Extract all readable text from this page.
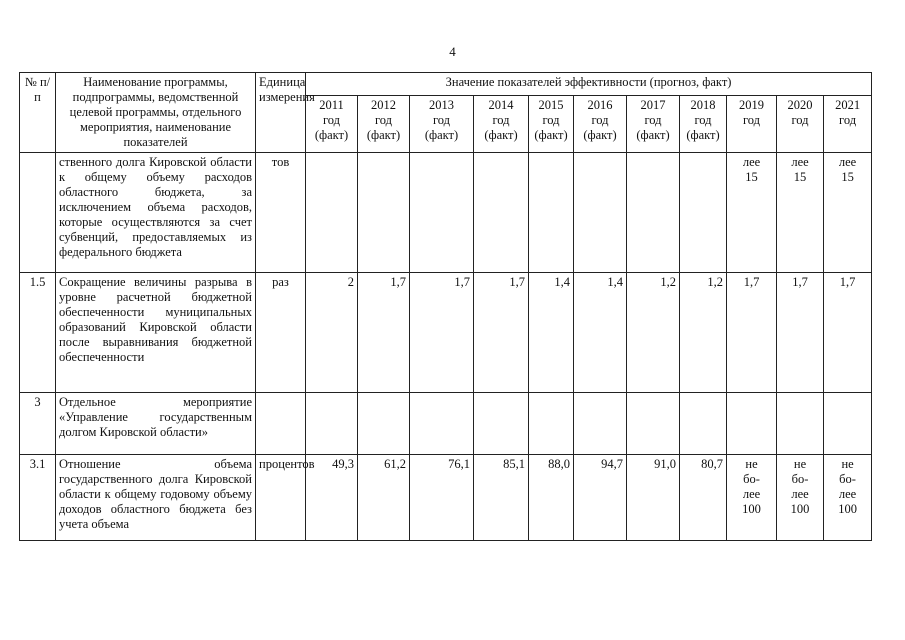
4
№ п/п	Наименование программы, подпрограммы, ведомственной целевой программы, отдельного мероприятия, наименование показателей	Единица измерения	Значение показателей эффективности (прогноз, факт)										

			2011
год
(факт)	2012
год
(факт)	2013
год
(факт)	2014
год
(факт)	2015
год
(факт)	2016
год
(факт)	2017
год
(факт)	2018
год
(факт)	2019
год	2020
год	2021
год

	ственного долга Кировской области к общему объему расходов областного бюджета, за исключением объема расходов, которые осуществляются за счет субвенций, предоставляемых из федерального бюджета	тов									лее
15	лее
15	лее
15

1.5	Сокращение величины разрыва в уровне расчетной бюджетной обеспеченности муниципальных образований Кировской области после выравнивания бюджетной обеспеченности	раз	2	1,7	1,7	1,7	1,4	1,4	1,2	1,2	1,7	1,7	1,7

3	Отдельное мероприятие «Управление государственным долгом Кировской области»										

3.1	Отношение объема государственного долга Кировской области к общему годовому объему доходов областного бюджета без учета объема	процентов	49,3	61,2	76,1	85,1	88,0	94,7	91,0	80,7	не
бо-
лее
100	не
бо-
лее
100	не
бо-
лее
100
